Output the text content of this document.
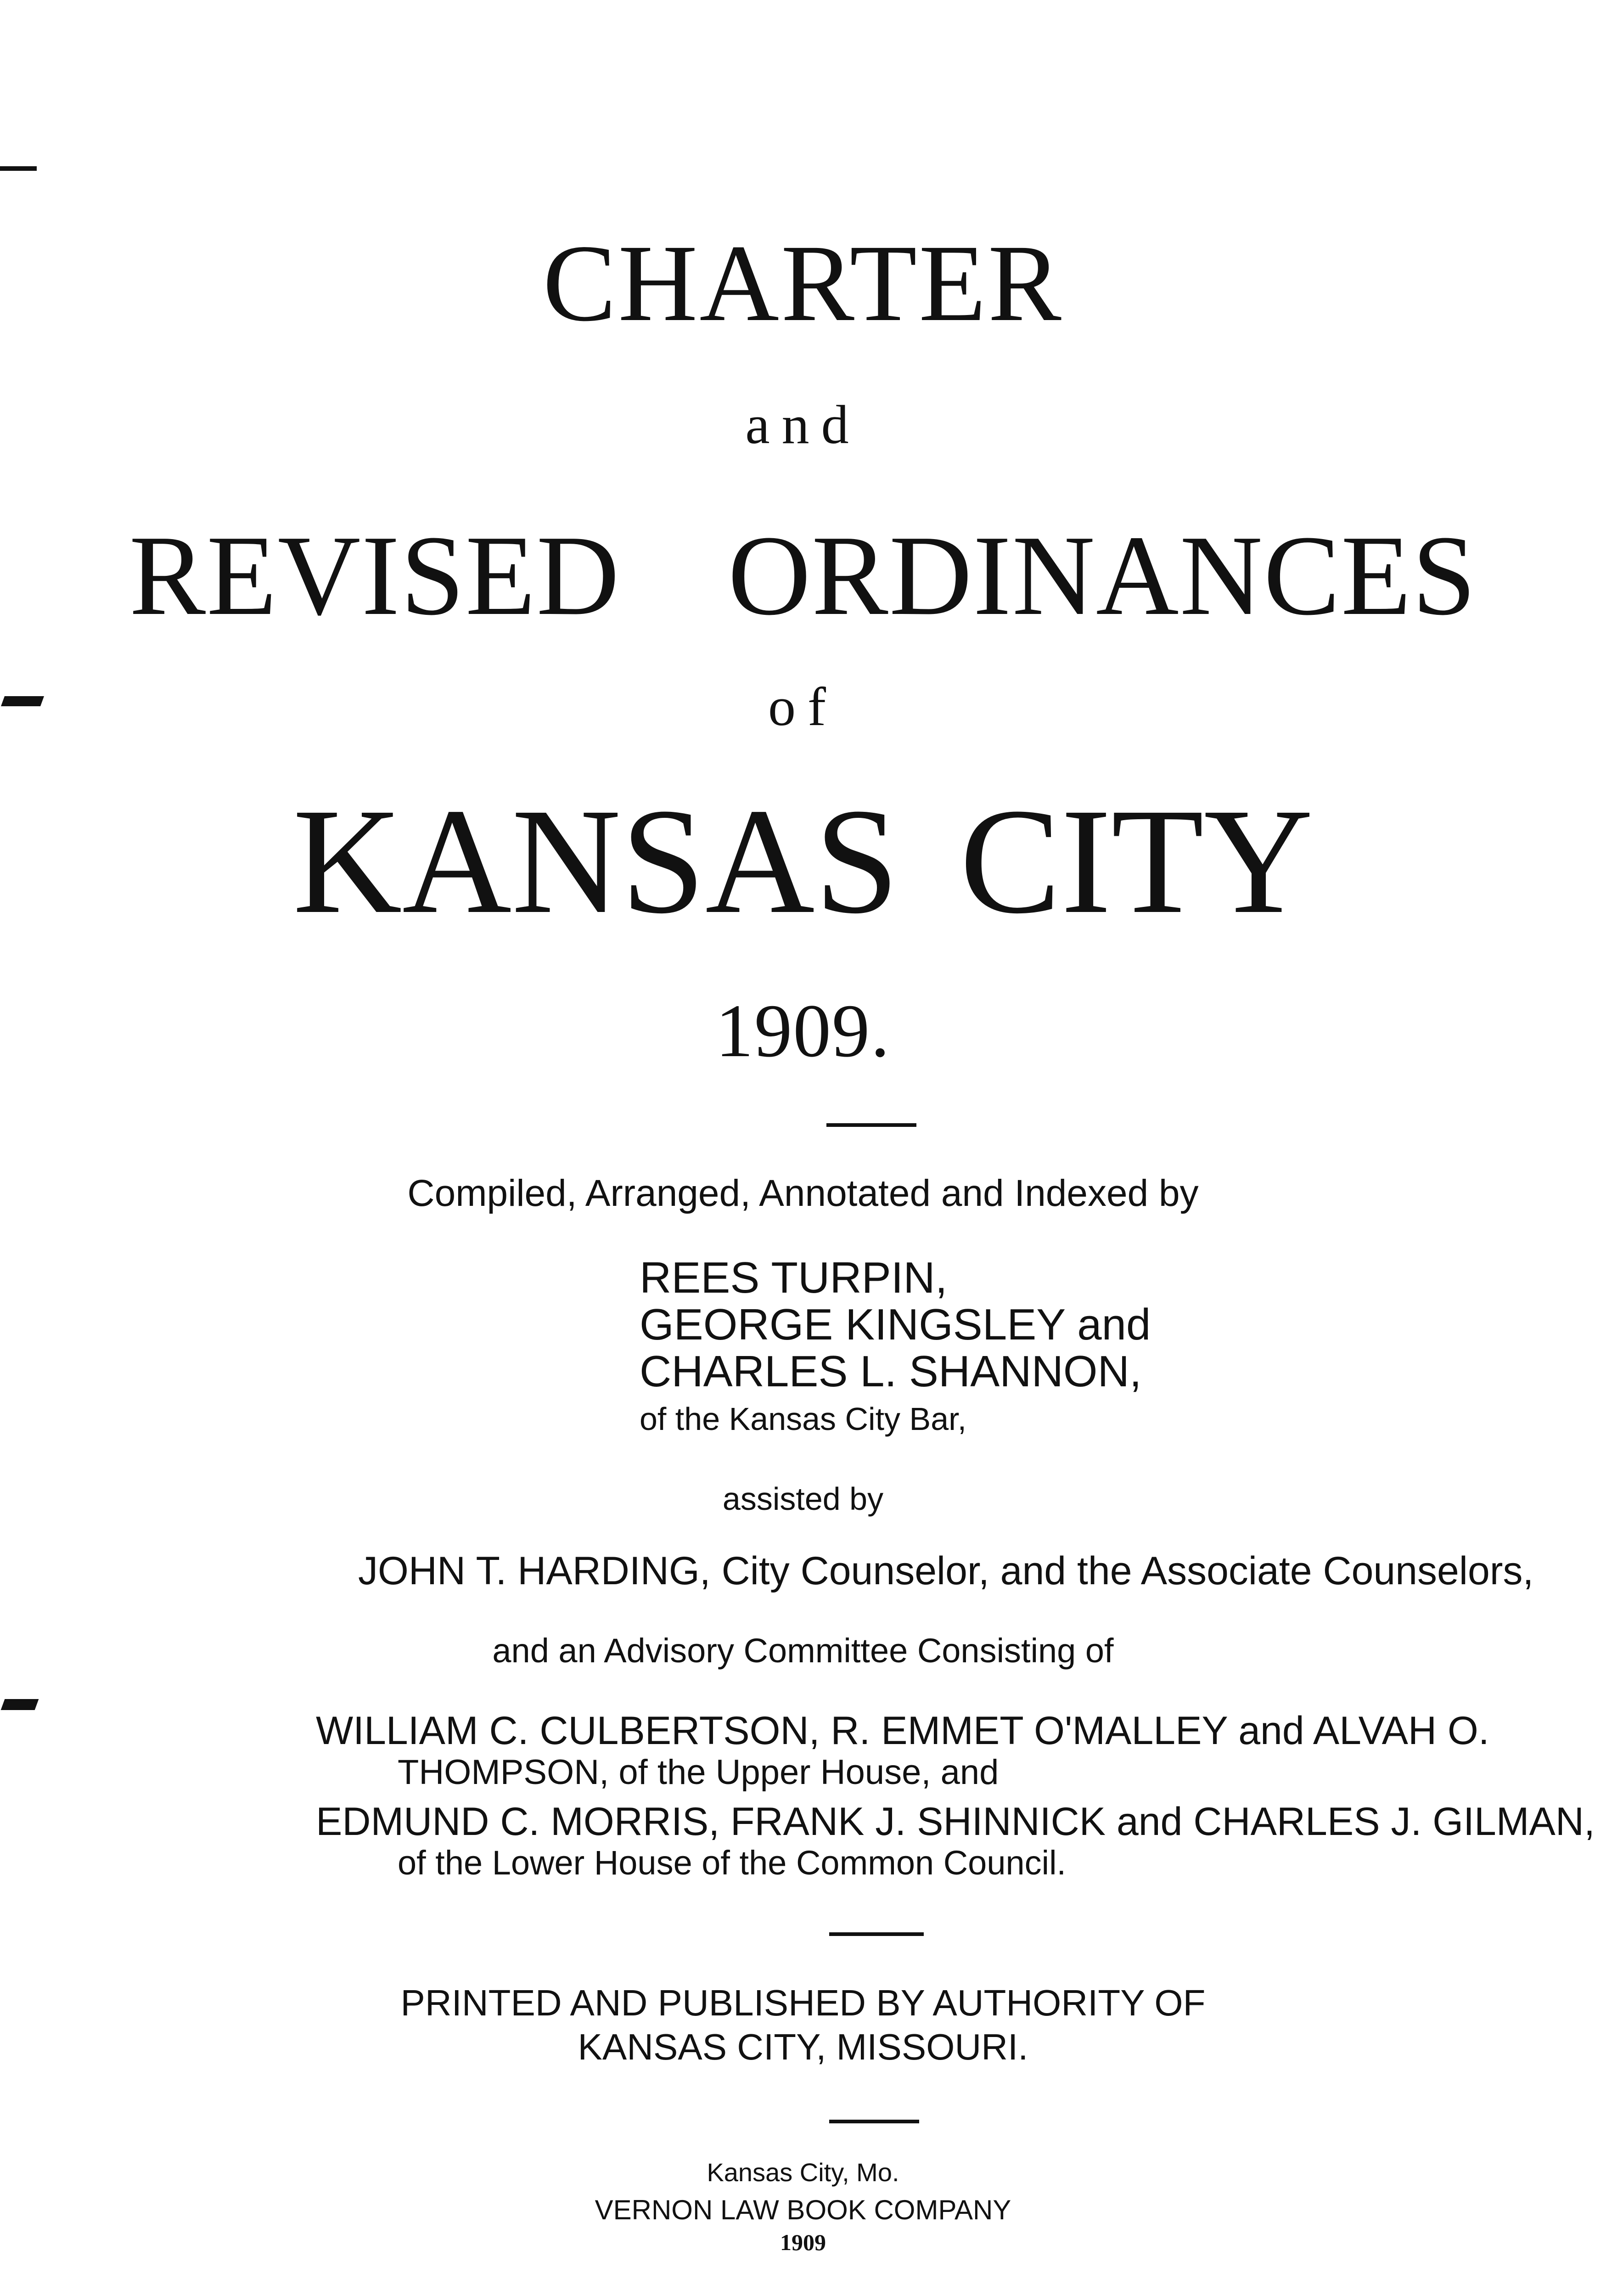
CHARTER
and
REVISED ORDINANCES
of
KANSAS CITY
1909.
Compiled, Arranged, Annotated and Indexed by
REES TURPIN,
GEORGE KINGSLEY and
CHARLES L. SHANNON,
of the Kansas City Bar,
assisted by
JOHN T. HARDING, City Counselor, and the Associate Counselors,
and an Advisory Committee Consisting of
WILLIAM C. CULBERTSON, R. EMMET O'MALLEY and ALVAH O.
THOMPSON, of the Upper House, and
EDMUND C. MORRIS, FRANK J. SHINNICK and CHARLES J. GILMAN,
of the Lower House of the Common Council.
PRINTED AND PUBLISHED BY AUTHORITY OF
KANSAS CITY, MISSOURI.
Kansas City, Mo.
VERNON LAW BOOK COMPANY
1909
